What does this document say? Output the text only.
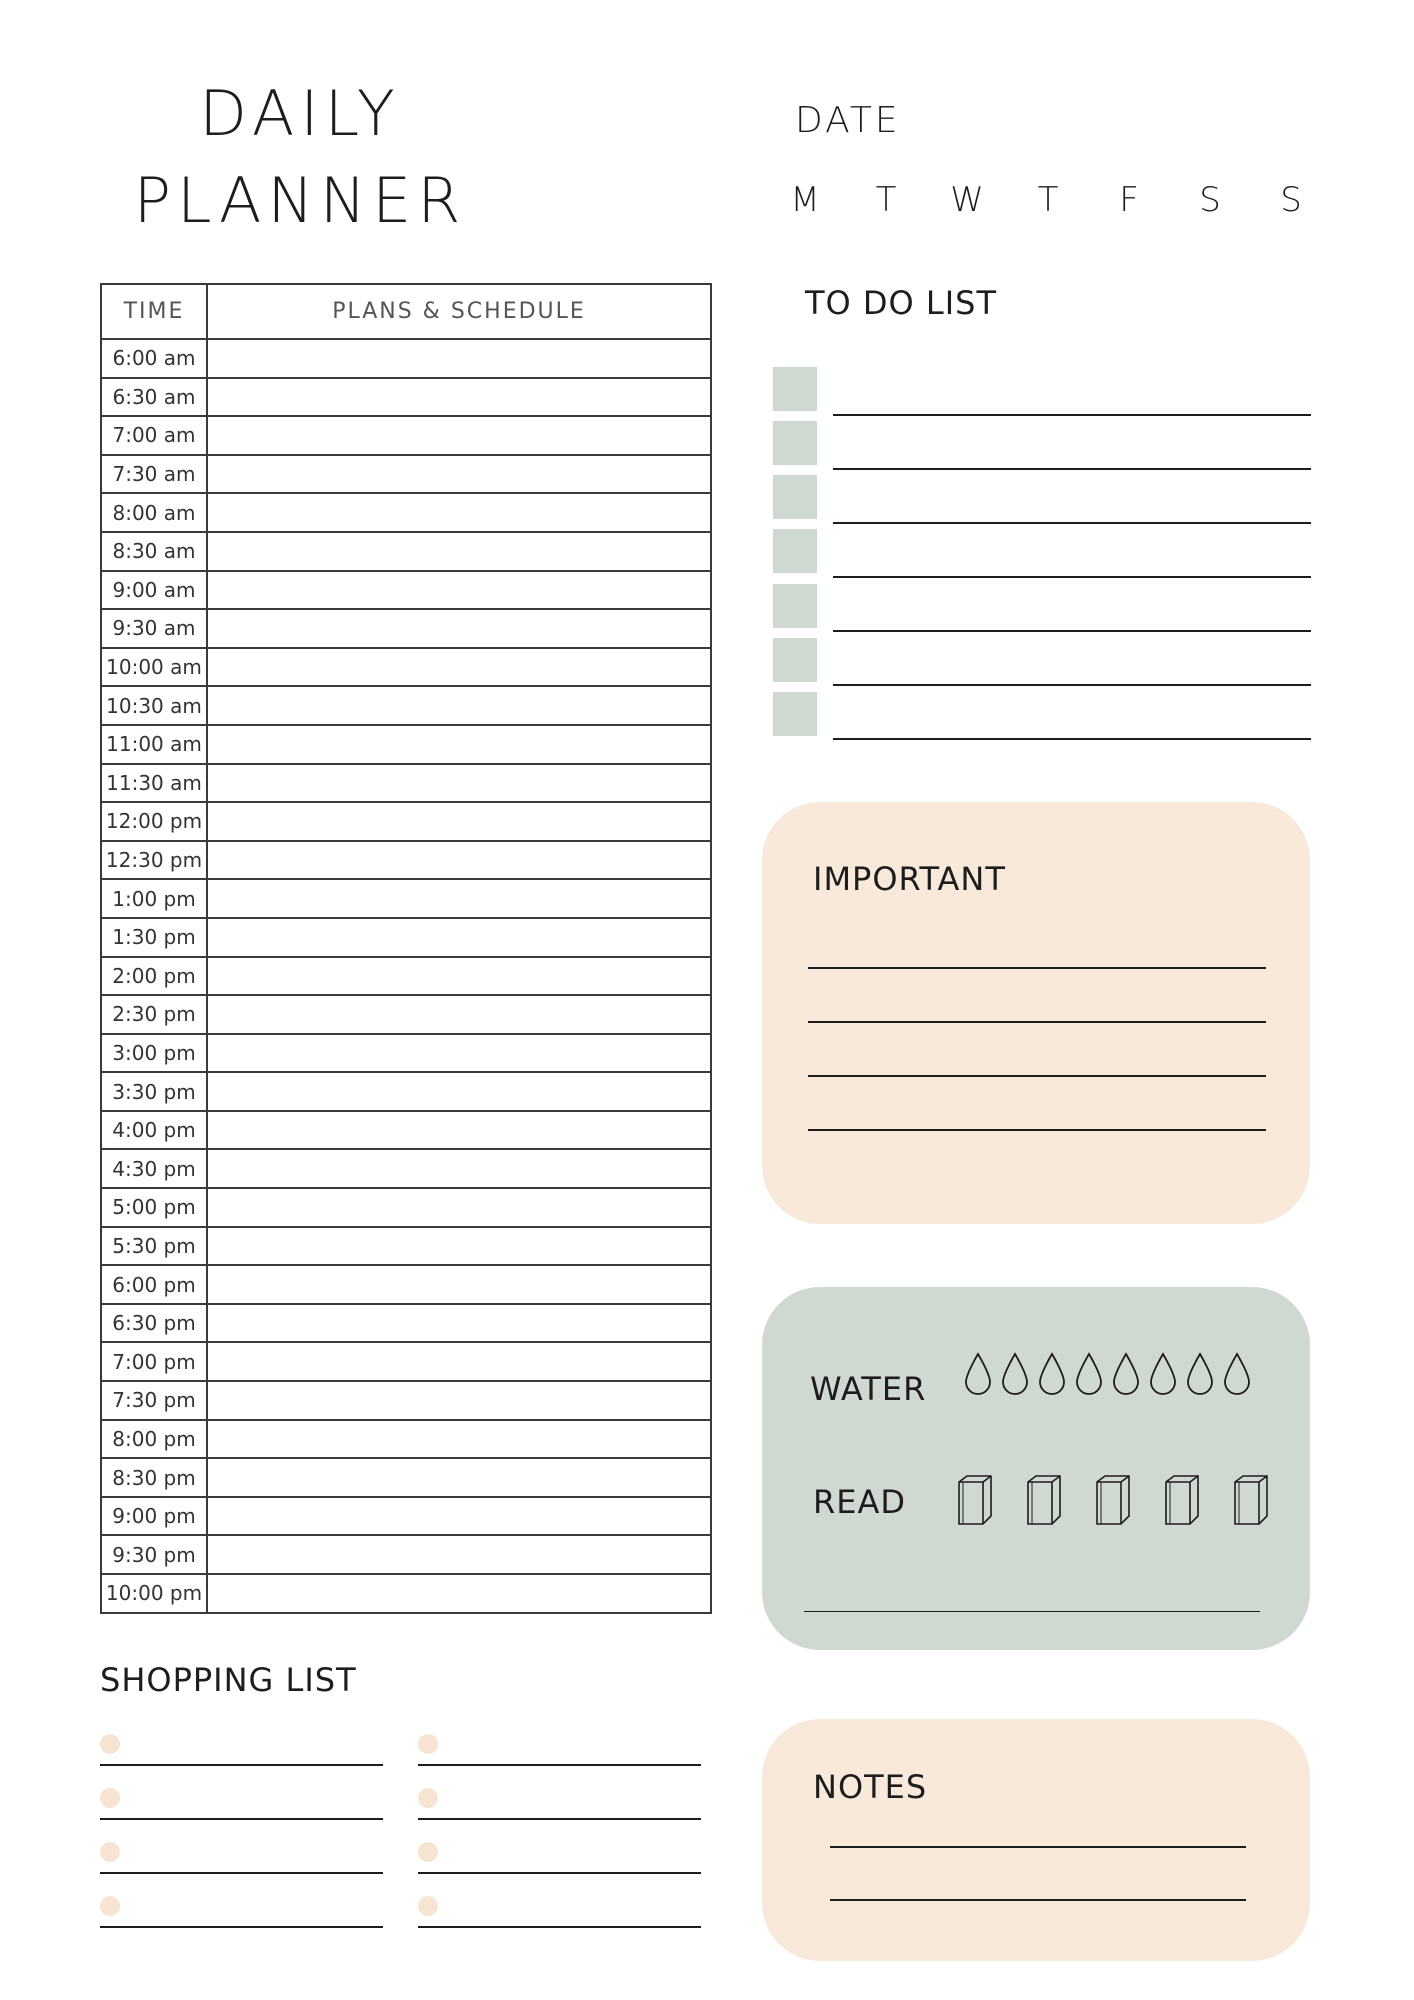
DAILY
PLANNER
DATE
M T W T	F	S S
TIME	PLANS & SCHEDULE
6:00 am	
6:30 am	
7:00 am	
7:30 am	
8:00 am	
8:30 am	
9:00 am	
9:30 am	
10:00 am	
10:30 am	
11:00 am	
11:30 am	
12:00 pm	
12:30 pm	
1:00 pm	
1:30 pm	
2:00 pm	
2:30 pm	
3:00 pm	
3:30 pm	
4:00 pm	
4:30 pm	
5:00 pm	
5:30 pm	
6:00 pm	
6:30 pm	
7:00 pm	
7:30 pm	
8:00 pm	
8:30 pm	
9:00 pm	
9:30 pm	
10:00 pm	
TO DO LIST
IMPORTANT
WATER
READ
NOTES
SHOPPING LIST
